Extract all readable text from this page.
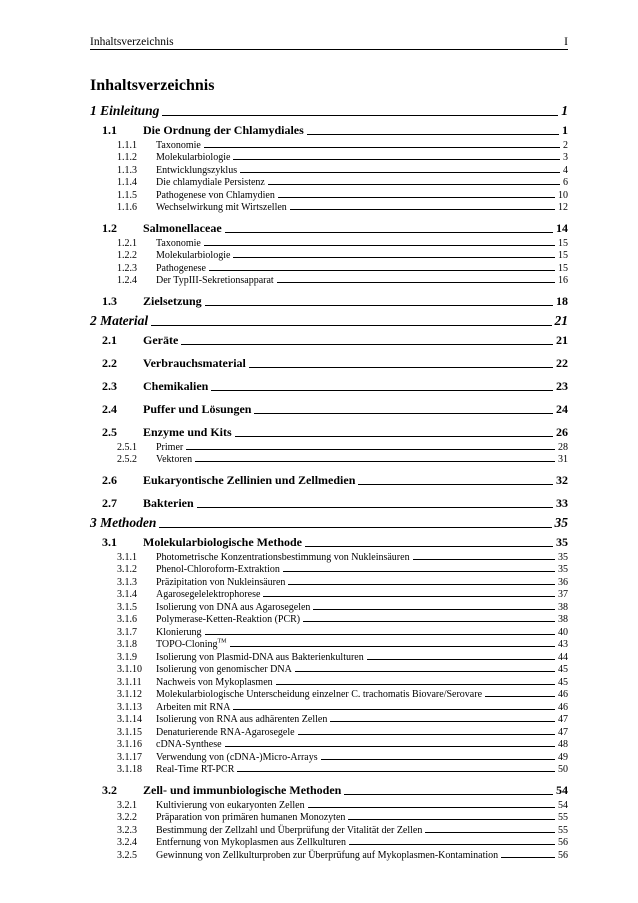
Inhaltsverzeichnis	I
Inhaltsverzeichnis
1 Einleitung	1
1.1	Die Ordnung der Chlamydiales	1
1.1.1	Taxonomie	2
1.1.2	Molekularbiologie	3
1.1.3	Entwicklungszyklus	4
1.1.4	Die chlamydiale Persistenz	6
1.1.5	Pathogenese von Chlamydien	10
1.1.6	Wechselwirkung mit Wirtszellen	12
1.2	Salmonellaceae	14
1.2.1	Taxonomie	15
1.2.2	Molekularbiologie	15
1.2.3	Pathogenese	15
1.2.4	Der TypIII-Sekretionsapparat	16
1.3	Zielsetzung	18
2 Material	21
2.1	Geräte	21
2.2	Verbrauchsmaterial	22
2.3	Chemikalien	23
2.4	Puffer und Lösungen	24
2.5	Enzyme und Kits	26
2.5.1	Primer	28
2.5.2	Vektoren	31
2.6	Eukaryontische Zellinien und Zellmedien	32
2.7	Bakterien	33
3 Methoden	35
3.1	Molekularbiologische Methode	35
3.1.1	Photometrische Konzentrationsbestimmung von Nukleinsäuren	35
3.1.2	Phenol-Chloroform-Extraktion	35
3.1.3	Präzipitation von Nukleinsäuren	36
3.1.4	Agarosegelelektrophorese	37
3.1.5	Isolierung von DNA aus Agarosegelen	38
3.1.6	Polymerase-Ketten-Reaktion (PCR)	38
3.1.7	Klonierung	40
3.1.8	TOPO-Cloning™	43
3.1.9	Isolierung von Plasmid-DNA aus Bakterienkulturen	44
3.1.10	Isolierung von genomischer DNA	45
3.1.11	Nachweis von Mykoplasmen	45
3.1.12	Molekularbiologische Unterscheidung einzelner C. trachomatis Biovare/Serovare	46
3.1.13	Arbeiten mit RNA	46
3.1.14	Isolierung von RNA aus adhärenten Zellen	47
3.1.15	Denaturierende RNA-Agarosegele	47
3.1.16	cDNA-Synthese	48
3.1.17	Verwendung von (cDNA-)Micro-Arrays	49
3.1.18	Real-Time RT-PCR	50
3.2	Zell- und immunbiologische Methoden	54
3.2.1	Kultivierung von eukaryonten Zellen	54
3.2.2	Präparation von primären humanen Monozyten	55
3.2.3	Bestimmung der Zellzahl und Überprüfung der Vitalität der Zellen	55
3.2.4	Entfernung von Mykoplasmen aus Zellkulturen	56
3.2.5	Gewinnung von Zellkulturproben zur Überprüfung auf Mykoplasmen-Kontamination	56
